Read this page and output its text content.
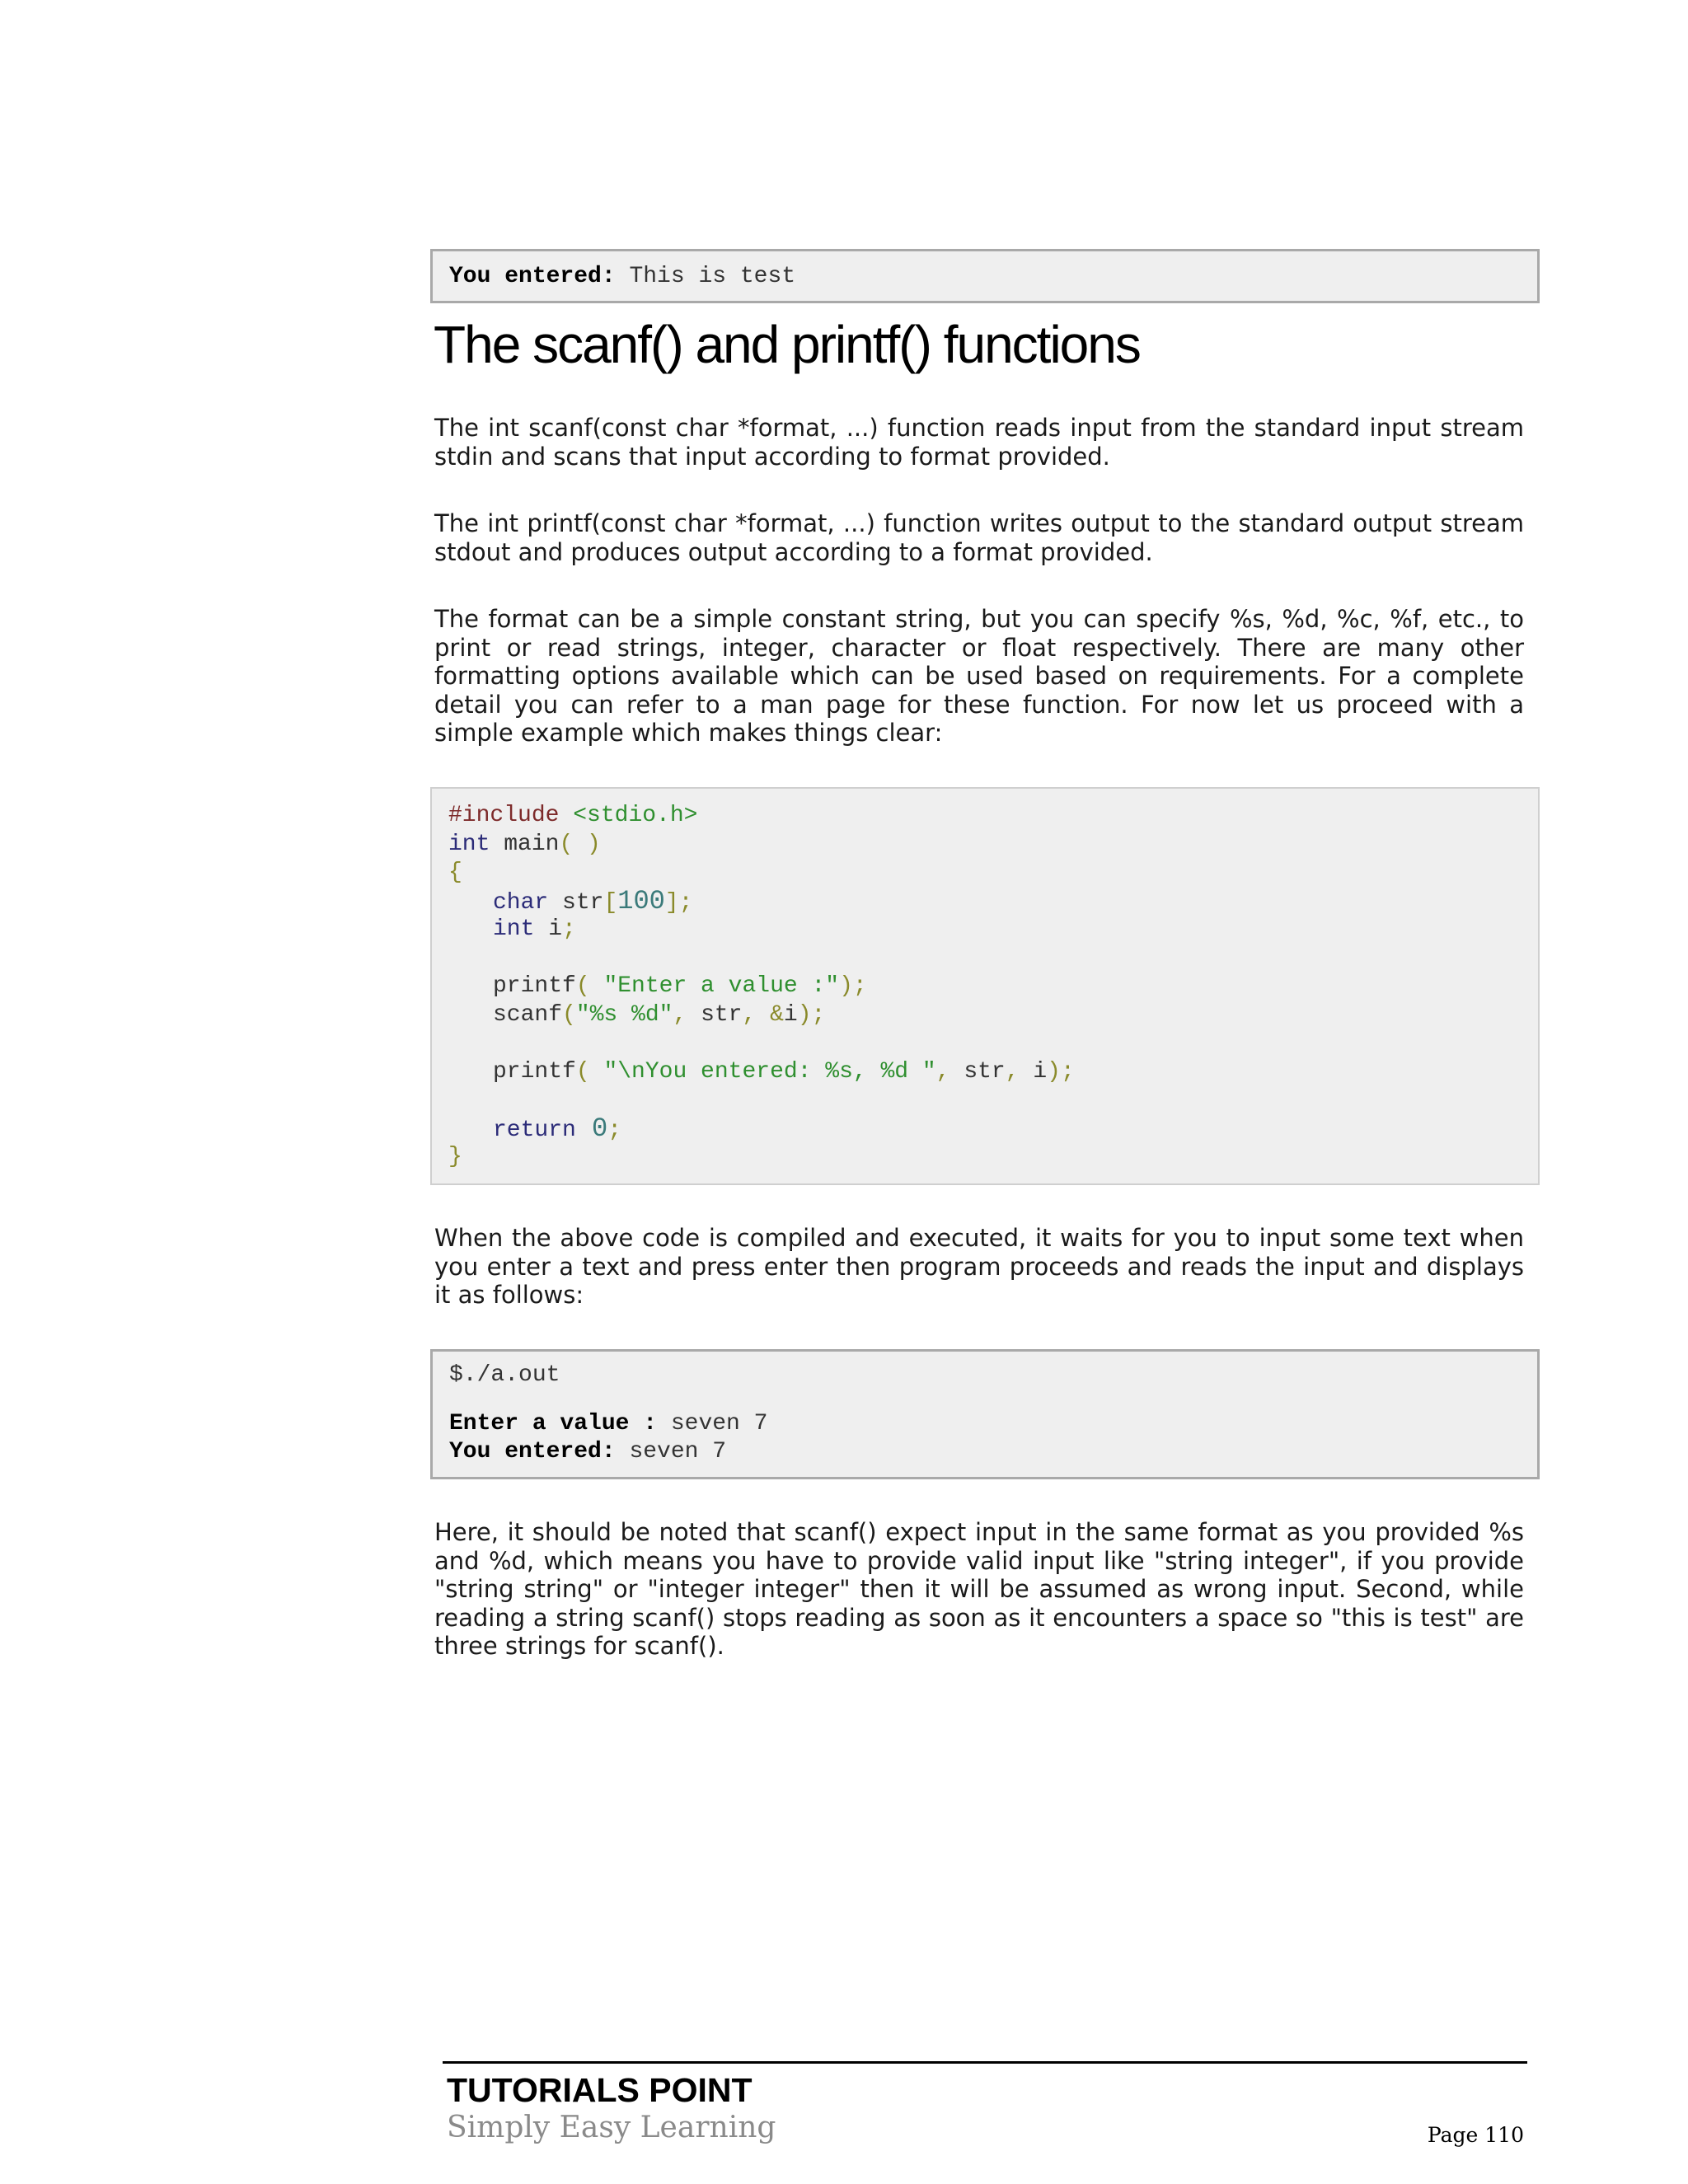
You entered: This is test
The scanf() and printf() functions

The int scanf(const char *format, ...) function reads input from the standard input stream stdin and scans that input according to format provided.

The int printf(const char *format, ...) function writes output to the standard output stream stdout and produces output according to a format provided.

The format can be a simple constant string, but you can specify %s, %d, %c, %f, etc., to print or read strings, integer, character or float respectively. There are many other formatting options available which can be used based on requirements. For a complete detail you can refer to a man page for these function. For now let us proceed with a simple example which makes things clear:

#include <stdio.h>
int main( )
{
char str[100];
int i;
printf( "Enter a value :");
scanf("%s %d", str, &i);
printf( "\nYou entered: %s, %d ", str, i);
return 0;
}

When the above code is compiled and executed, it waits for you to input some text when you enter a text and press enter then program proceeds and reads the input and displays it as follows:

$./a.out
Enter a value : seven 7
You entered: seven 7

Here, it should be noted that scanf() expect input in the same format as you provided %s and %d, which means you have to provide valid input like "string integer", if you provide "string string" or "integer integer" then it will be assumed as wrong input. Second, while reading a string scanf() stops reading as soon as it encounters a space so "this is test" are three strings for scanf().

TUTORIALS POINT
Simply Easy Learning	Page 110
